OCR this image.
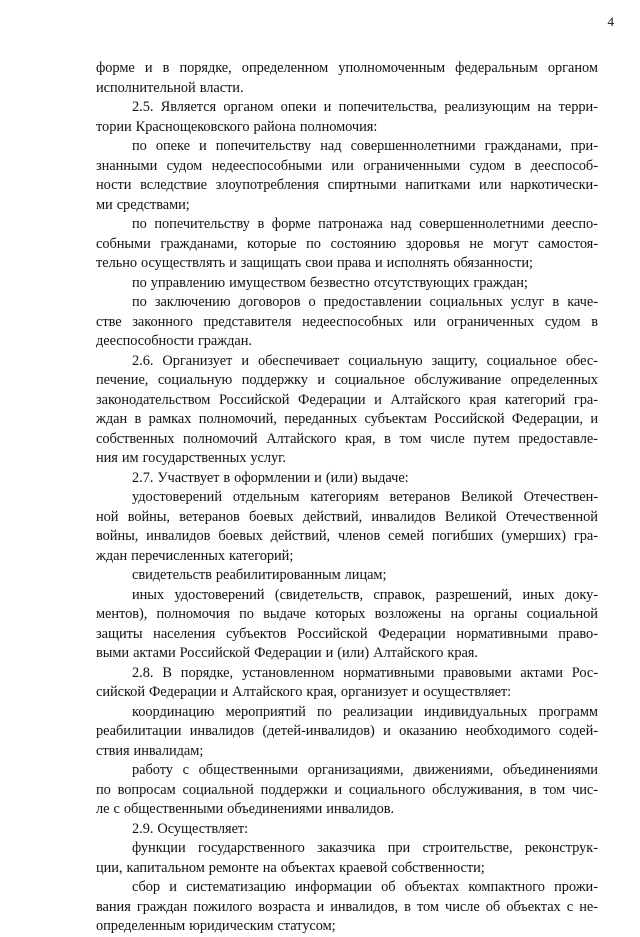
4
форме и в порядке, определенном уполномоченным федеральным органом
исполнительной власти.
2.5. Является органом опеки и попечительства, реализующим на терри-
тории Краснощековского района полномочия:
по опеке и попечительству над совершеннолетними гражданами, при-
знанными судом недееспособными или ограниченными судом в дееспособ-
ности вследствие злоупотребления спиртными напитками или наркотически-
ми средствами;
по попечительству в форме патронажа над совершеннолетними дееспо-
собными гражданами, которые по состоянию здоровья не могут самостоя-
тельно осуществлять и защищать свои права и исполнять обязанности;
по управлению имуществом безвестно отсутствующих граждан;
по заключению договоров о предоставлении социальных услуг в каче-
стве законного представителя недееспособных или ограниченных судом в
дееспособности граждан.
2.6. Организует и обеспечивает социальную защиту, социальное обес-
печение, социальную поддержку и социальное обслуживание определенных
законодательством Российской Федерации и Алтайского края категорий гра-
ждан в рамках полномочий, переданных субъектам Российской Федерации, и
собственных полномочий Алтайского края, в том числе путем предоставле-
ния им государственных услуг.
2.7. Участвует в оформлении и (или) выдаче:
удостоверений отдельным категориям ветеранов Великой Отечествен-
ной войны, ветеранов боевых действий, инвалидов Великой Отечественной
войны, инвалидов боевых действий, членов семей погибших (умерших) гра-
ждан перечисленных категорий;
свидетельств реабилитированным лицам;
иных удостоверений (свидетельств, справок, разрешений, иных доку-
ментов), полномочия по выдаче которых возложены на органы социальной
защиты населения субъектов Российской Федерации нормативными право-
выми актами Российской Федерации и (или) Алтайского края.
2.8. В порядке, установленном нормативными правовыми актами Рос-
сийской Федерации и Алтайского края, организует и осуществляет:
координацию мероприятий по реализации индивидуальных программ
реабилитации инвалидов (детей-инвалидов) и оказанию необходимого содей-
ствия инвалидам;
работу с общественными организациями, движениями, объединениями
по вопросам социальной поддержки и социального обслуживания, в том чис-
ле с общественными объединениями инвалидов.
2.9. Осуществляет:
функции государственного заказчика при строительстве, реконструк-
ции, капитальном ремонте на объектах краевой собственности;
сбор и систематизацию информации об объектах компактного прожи-
вания граждан пожилого возраста и инвалидов, в том числе об объектах с не-
определенным юридическим статусом;
